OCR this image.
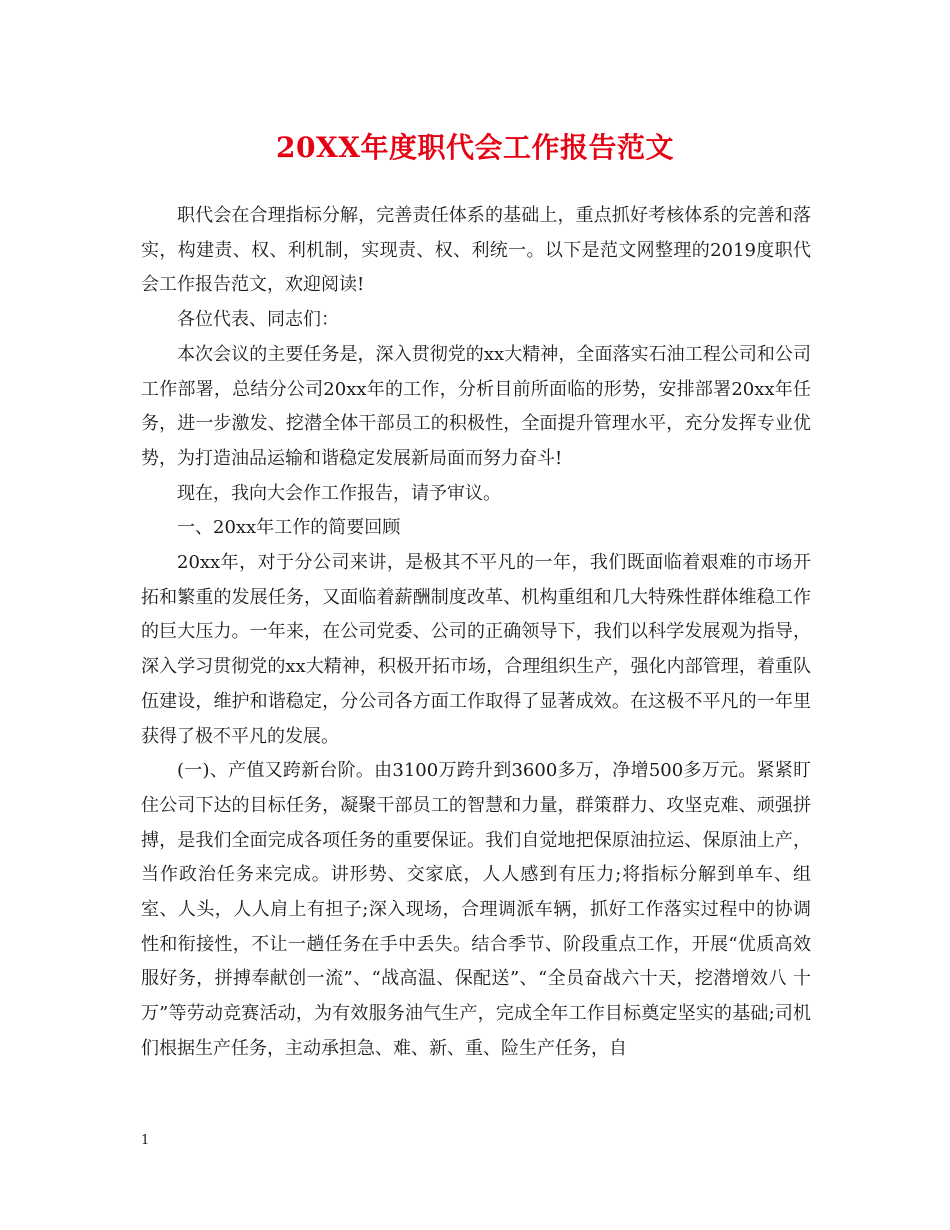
20XX年度职代会工作报告范文

职代会在合理指标分解，完善责任体系的基础上，重点抓好考核体系的完善和落实，构建责、权、利机制，实现责、权、利统一。以下是范文网整理的2019度职代会工作报告范文，欢迎阅读!

各位代表、同志们：

本次会议的主要任务是，深入贯彻党的xx大精神，全面落实石油工程公司和公司工作部署，总结分公司20xx年的工作，分析目前所面临的形势，安排部署20xx年任务，进一步激发、挖潜全体干部员工的积极性，全面提升管理水平，充分发挥专业优势，为打造油品运输和谐稳定发展新局面而努力奋斗!

现在，我向大会作工作报告，请予审议。

一、20xx年工作的简要回顾

20xx年，对于分公司来讲，是极其不平凡的一年，我们既面临着艰难的市场开拓和繁重的发展任务，又面临着薪酬制度改革、机构重组和几大特殊性群体维稳工作的巨大压力。一年来，在公司党委、公司的正确领导下，我们以科学发展观为指导，深入学习贯彻党的xx大精神，积极开拓市场，合理组织生产，强化内部管理，着重队伍建设，维护和谐稳定，分公司各方面工作取得了显著成效。在这极不平凡的一年里获得了极不平凡的发展。

(一)、产值又跨新台阶。由3100万跨升到3600多万，净增500多万元。紧紧盯住公司下达的目标任务，凝聚干部员工的智慧和力量，群策群力、攻坚克难、顽强拼搏，是我们全面完成各项任务的重要保证。我们自觉地把保原油拉运、保原油上产，当作政治任务来完成。讲形势、交家底，人人感到有压力;将指标分解到单车、组室、人头，人人肩上有担子;深入现场，合理调派车辆，抓好工作落实过程中的协调性和衔接性，不让一趟任务在手中丢失。结合季节、阶段重点工作，开展“优质高效服好务，拼搏奉献创一流”、“战高温、保配送”、“全员奋战六十天，挖潜增效八 十万”等劳动竞赛活动，为有效服务油气生产，完成全年工作目标奠定坚实的基础;司机们根据生产任务，主动承担急、难、新、重、险生产任务，自

1
